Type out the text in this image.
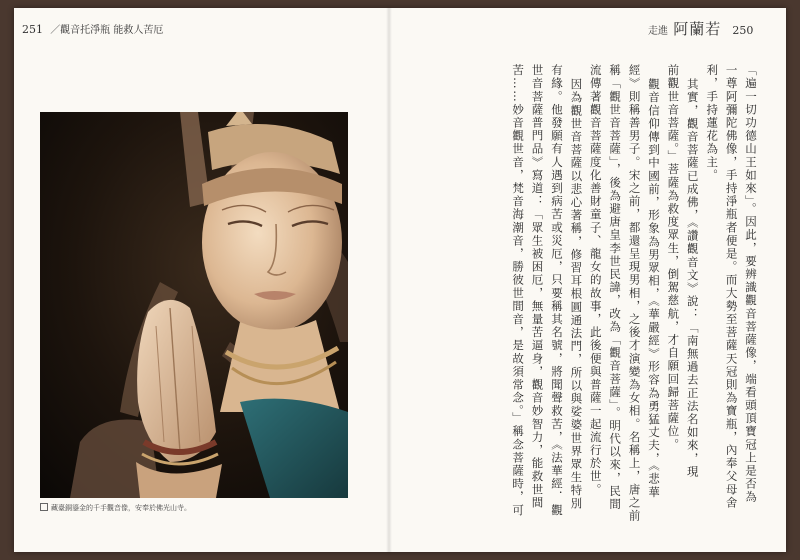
251 ／觀音托淨瓶 能救人苦厄	走進 阿蘭若 250
藏臺銅鎏金的千手觀音像，安奉於佛光山寺。

「遍一切功德山王如來」。因此，要辨識觀音菩薩像，端看頭頂寶冠上是否為

一尊阿彌陀佛像，手持淨瓶者便是。而大勢至菩薩天冠則為寶瓶，內奉父母舍

利，手持蓮花為主。

其實，觀音菩薩已成佛，《讚觀音文》說：「南無過去正法名如來，現

前觀世音菩薩。」菩薩為救度眾生，倒駕慈航，才自願回歸菩薩位。

觀音信仰傳到中國前，形象為男眾相，《華嚴經》形容為勇猛丈夫，《悲華

經》則稱善男子。宋之前，都還呈現男相，之後才演變為女相。名稱上，唐之前

稱「觀世音菩薩」，後為避唐皇李世民諱，改為「觀音菩薩」。明代以來，民間

流傳著觀音菩薩度化善財童子、龍女的故事，此後便與普薩一起流行於世。

因為觀世音菩薩以悲心著稱，修習耳根圓通法門，所以與娑婆世界眾生特別

有緣。他發願有人遇到病苦或災厄，只要稱其名號，將聞聲救苦，《法華經．觀

世音菩薩普門品》寫道：「眾生被困厄，無量苦逼身，觀音妙智力，能救世間

苦……妙音觀世音，梵音海潮音，勝彼世間音，是故須常念。」稱念菩薩時，可
